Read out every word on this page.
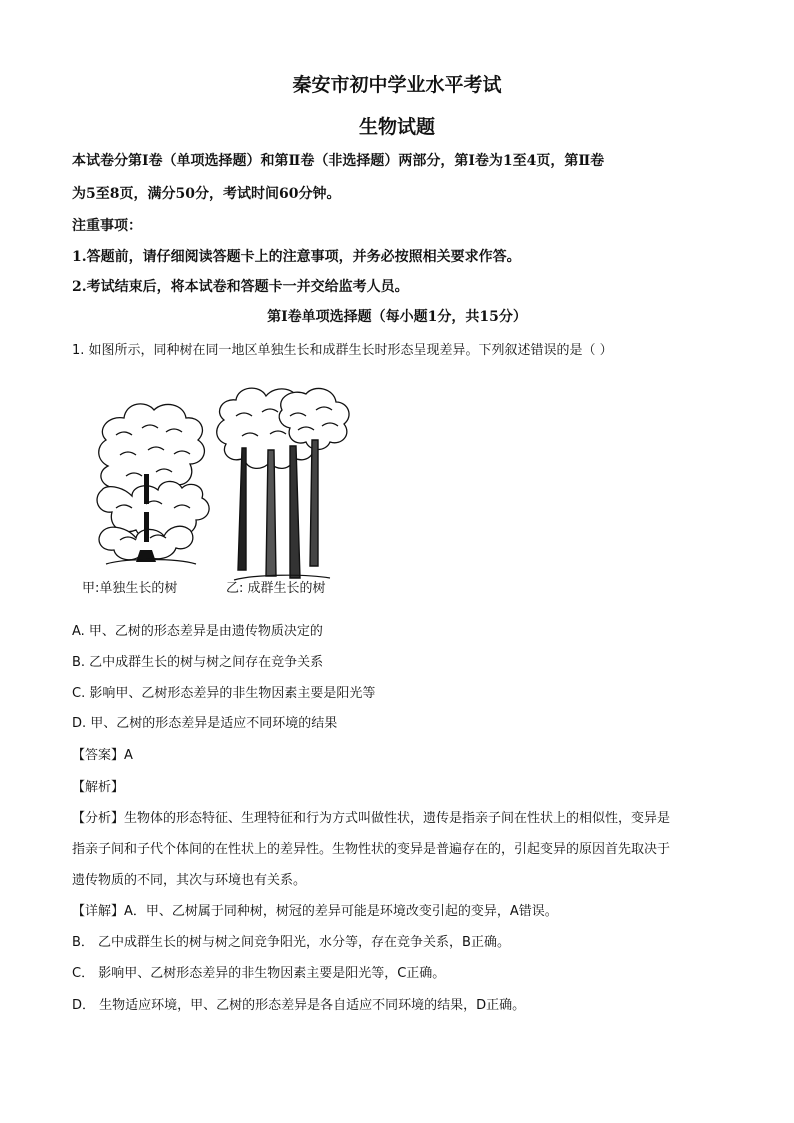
秦安市初中学业水平考试
生物试题
本试卷分第Ⅰ卷（单项选择题）和第Ⅱ卷（非选择题）两部分，第Ⅰ卷为1至4页，第Ⅱ卷
为5至8页，满分50分，考试时间60分钟。
注重事项：
1.答题前，请仔细阅读答题卡上的注意事项，并务必按照相关要求作答。
2.考试结束后，将本试卷和答题卡一并交给监考人员。
第Ⅰ卷单项选择题（每小题1分，共15分）
1. 如图所示，同种树在同一地区单独生长和成群生长时形态呈现差异。下列叙述错误的是（ ）
甲:单独生长的树	乙: 成群生长的树
A. 甲、乙树的形态差异是由遗传物质决定的
B. 乙中成群生长的树与树之间存在竞争关系
C. 影响甲、乙树形态差异的非生物因素主要是阳光等
D. 甲、乙树的形态差异是适应不同环境的结果
【答案】A
【解析】
【分析】生物体的形态特征、生理特征和行为方式叫做性状，遗传是指亲子间在性状上的相似性，变异是
指亲子间和子代个体间的在性状上的差异性。生物性状的变异是普遍存在的，引起变异的原因首先取决于
遗传物质的不同，其次与环境也有关系。
【详解】A．甲、乙树属于同种树，树冠的差异可能是环境改变引起的变异，A错误。
B． 乙中成群生长的树与树之间竞争阳光，水分等，存在竞争关系，B正确。
C． 影响甲、乙树形态差异的非生物因素主要是阳光等，C正确。
D． 生物适应环境，甲、乙树的形态差异是各自适应不同环境的结果，D正确。
